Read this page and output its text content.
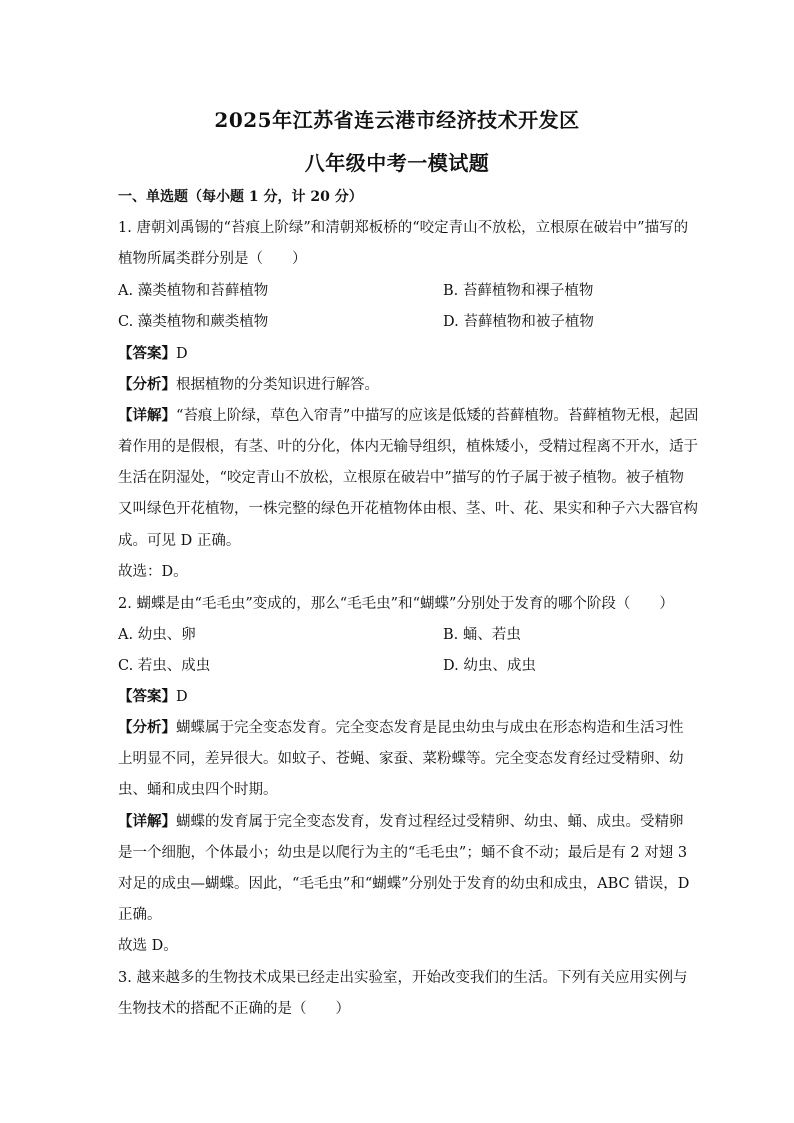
2025年江苏省连云港市经济技术开发区
八年级中考一模试题
一、单选题（每小题 1 分，计 20 分）
1. 唐朝刘禹锡的“苔痕上阶绿”和清朝郑板桥的“咬定青山不放松，立根原在破岩中”描写的
植物所属类群分别是（　　）
A. 藻类植物和苔藓植物	B. 苔藓植物和裸子植物
C. 藻类植物和蕨类植物	D. 苔藓植物和被子植物
【答案】D
【分析】根据植物的分类知识进行解答。
【详解】“苔痕上阶绿，草色入帘青”中描写的应该是低矮的苔藓植物。苔藓植物无根，起固
着作用的是假根，有茎、叶的分化，体内无输导组织，植株矮小，受精过程离不开水，适于
生活在阴湿处，“咬定青山不放松，立根原在破岩中”描写的竹子属于被子植物。被子植物
又叫绿色开花植物，一株完整的绿色开花植物体由根、茎、叶、花、果实和种子六大器官构
成。可见 D 正确。
故选：D。
2. 蝴蝶是由“毛毛虫”变成的，那么“毛毛虫”和“蝴蝶”分别处于发育的哪个阶段（　　）
A. 幼虫、卵	B. 蛹、若虫
C. 若虫、成虫	D. 幼虫、成虫
【答案】D
【分析】蝴蝶属于完全变态发育。完全变态发育是昆虫幼虫与成虫在形态构造和生活习性
上明显不同，差异很大。如蚊子、苍蝇、家蚕、菜粉蝶等。完全变态发育经过受精卵、幼
虫、蛹和成虫四个时期。
【详解】蝴蝶的发育属于完全变态发育，发育过程经过受精卵、幼虫、蛹、成虫。受精卵
是一个细胞，个体最小；幼虫是以爬行为主的“毛毛虫”；蛹不食不动；最后是有 2 对翅 3
对足的成虫—蝴蝶。因此，“毛毛虫”和“蝴蝶”分别处于发育的幼虫和成虫，ABC 错误，D
正确。
故选 D。
3. 越来越多的生物技术成果已经走出实验室，开始改变我们的生活。下列有关应用实例与
生物技术的搭配不正确的是（　　）
